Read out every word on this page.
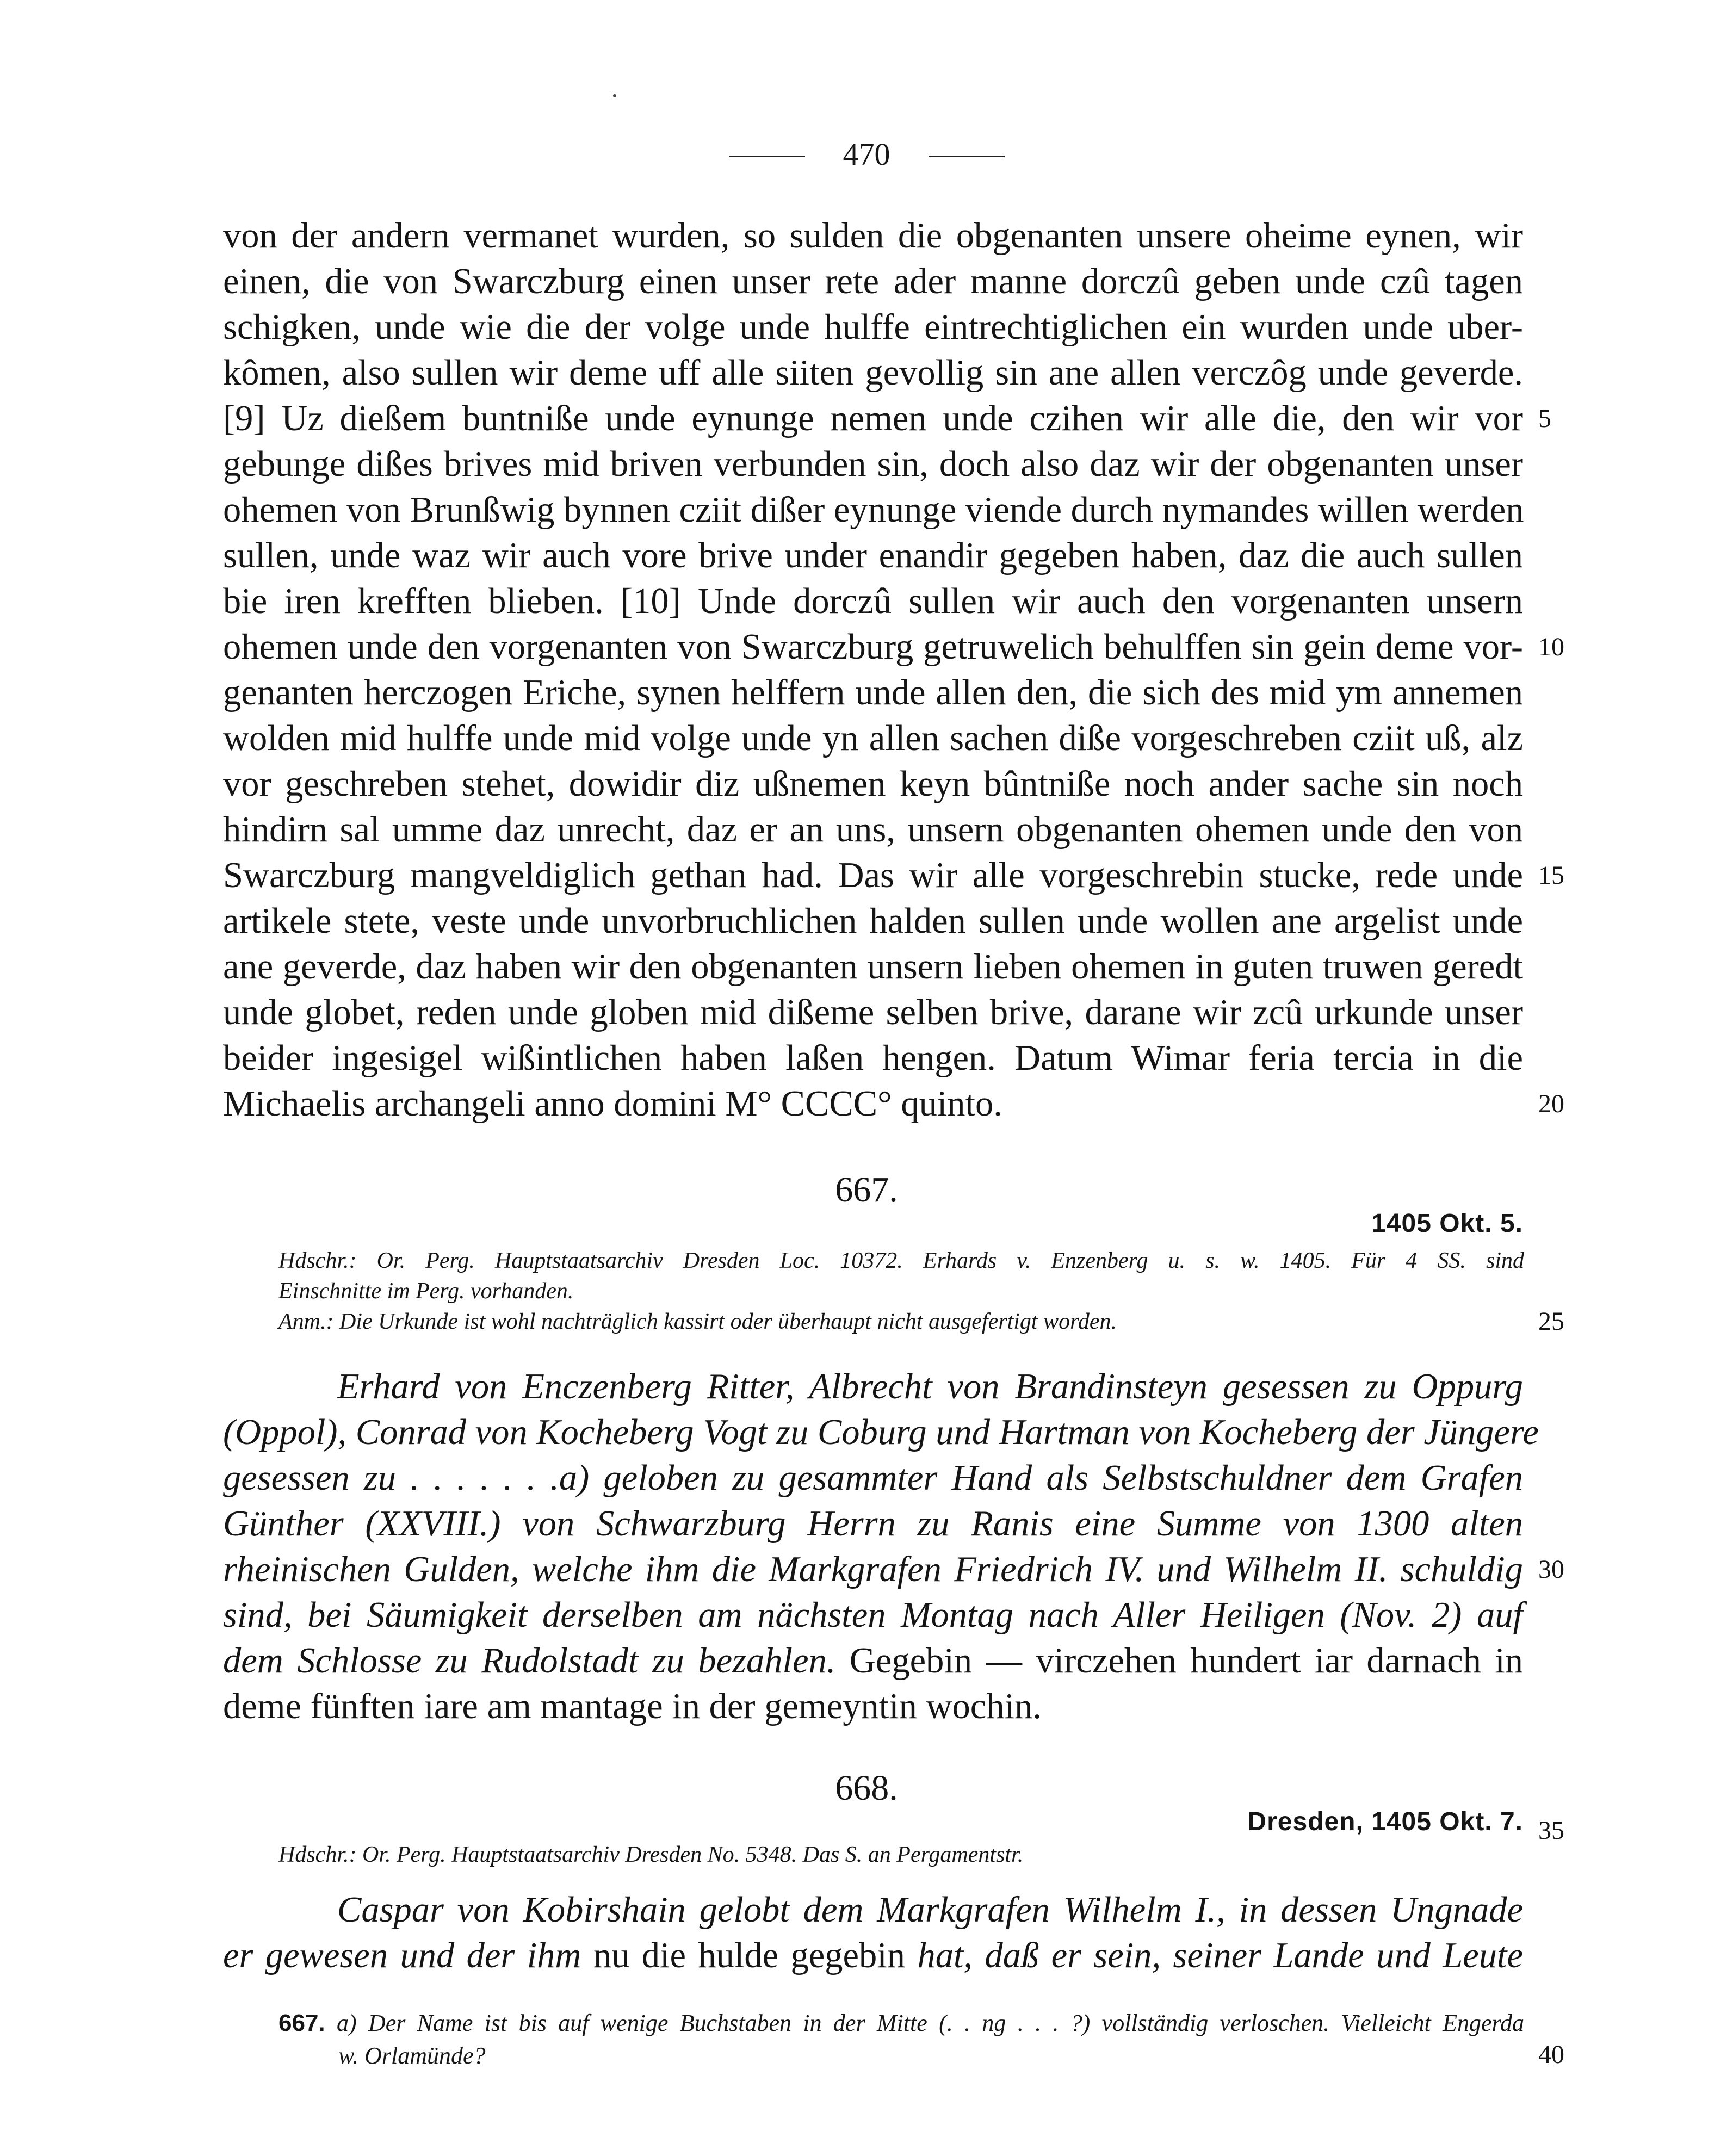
470
von der andern vermanet wurden, so sulden die obgenanten unsere oheime eynen, wir
einen, die von Swarczburg einen unser rete ader manne dorczû geben unde czû tagen
schigken, unde wie die der volge unde hulffe eintrechtiglichen ein wurden unde uber-
kômen, also sullen wir deme uff alle siiten gevollig sin ane allen verczôg unde geverde.
[9] Uz dießem buntnißе unde eynunge nemen unde czihen wir alle die, den wir vor
gebunge dißes brives mid briven verbunden sin, doch also daz wir der obgenanten unser
ohemen von Brunßwig bynnen cziit dißer eynunge viende durch nymandes willen werden
sullen, unde waz wir auch vore brive under enandir gegeben haben, daz die auch sullen
bie iren krefften blieben. [10] Unde dorczû sullen wir auch den vorgenanten unsern
ohemen unde den vorgenanten von Swarczburg getruwelich behulffen sin gein deme vor-
genanten herczogen Eriche, synen helffern unde allen den, die sich des mid ym annemen
wolden mid hulffe unde mid volge unde yn allen sachen diße vorgeschreben cziit uß, alz
vor geschreben stehet, dowidir diz ußnemen keyn bûntnißе noch ander sache sin noch
hindirn sal umme daz unrecht, daz er an uns, unsern obgenanten ohemen unde den von
Swarczburg mangveldiglich gethan had. Das wir alle vorgeschrebin stucke, rede unde
artikele stete, veste unde unvorbruchlichen halden sullen unde wollen ane argelist unde
ane geverde, daz haben wir den obgenanten unsern lieben ohemen in guten truwen geredt
unde globet, reden unde globen mid dißeme selben brive, darane wir zcû urkunde unser
beider ingesigel wißintlichen haben laßen hengen. Datum Wimar feria tercia in die
Michaelis archangeli anno domini M° CCCC° quinto.
5
10
15
20
667.
1405 Okt. 5.
Hdschr.: Or. Perg. Hauptstaatsarchiv Dresden Loc. 10372. Erhards v. Enzenberg u. s. w. 1405. Für 4 SS. sind
Einschnitte im Perg. vorhanden.
Anm.: Die Urkunde ist wohl nachträglich kassirt oder überhaupt nicht ausgefertigt worden.	25
Erhard von Enczenberg Ritter, Albrecht von Brandinsteyn gesessen zu Oppurg
(Oppol), Conrad von Kocheberg Vogt zu Coburg und Hartman von Kocheberg der Jüngere
gesessen zu . . . . . . .a) geloben zu gesammter Hand als Selbstschuldner dem Grafen
Günther (XXVIII.) von Schwarzburg Herrn zu Ranis eine Summe von 1300 alten
rheinischen Gulden, welche ihm die Markgrafen Friedrich IV. und Wilhelm II. schuldig
sind, bei Säumigkeit derselben am nächsten Montag nach Aller Heiligen (Nov. 2) auf
dem Schlosse zu Rudolstadt zu bezahlen. Gegebin — virczehen hundert iar darnach in
deme fünften iare am mantage in der gemeyntin wochin.
30
668.
Dresden, 1405 Okt. 7.
Hdschr.: Or. Perg. Hauptstaatsarchiv Dresden No. 5348. Das S. an Pergamentstr.
35
Caspar von Kobirshain gelobt dem Markgrafen Wilhelm I., in dessen Ungnade
er gewesen und der ihm nu die hulde gegebin hat, daß er sein, seiner Lande und Leute
667. a) Der Name ist bis auf wenige Buchstaben in der Mitte (. . ng . . . ?) vollständig verloschen. Vielleicht Engerda
w. Orlamünde?	40
